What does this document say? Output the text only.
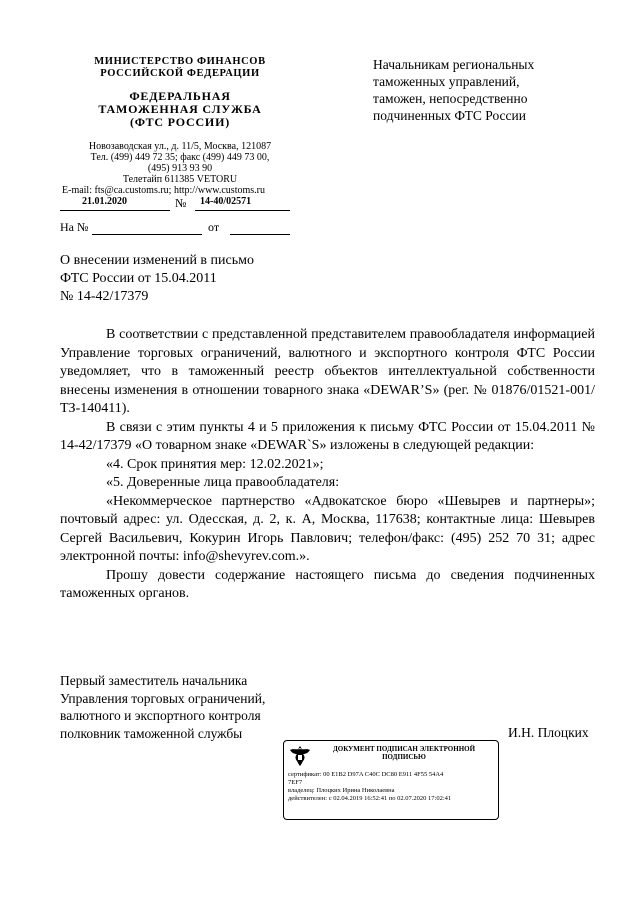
МИНИСТЕРСТВО ФИНАНСОВ
РОССИЙСКОЙ ФЕДЕРАЦИИ
ФЕДЕРАЛЬНАЯ
ТАМОЖЕННАЯ СЛУЖБА
(ФТС РОССИИ)
Новозаводская ул., д. 11/5, Москва, 121087
Тел. (499) 449 72 35; факс (499) 449 73 00,
(495) 913 93 90
Телетайп 611385 VETORU
E-mail: fts@ca.customs.ru; http://www.customs.ru
21.01.2020	№ 14-40/02571
На №	от
Начальникам региональных
таможенных управлений,
таможен, непосредственно
подчиненных ФТС России
О внесении изменений в письмо
ФТС России от 15.04.2011
№ 14-42/17379

В соответствии с представленной представителем правообладателя информацией Управление торговых ограничений, валютного и экспортного контроля ФТС России уведомляет, что в таможенный реестр объектов интеллектуальной собственности внесены изменения в отношении товарного знака «DEWAR’S» (рег. № 01876/01521-001/ТЗ-140411).

В связи с этим пункты 4 и 5 приложения к письму ФТС России от 15.04.2011 № 14-42/17379 «О товарном знаке «DEWAR`S» изложены в следующей редакции:

«4. Срок принятия мер: 12.02.2021»;

«5. Доверенные лица правообладателя:

«Некоммерческое партнерство «Адвокатское бюро «Шевырев и партнеры»; почтовый адрес: ул. Одесская, д. 2, к. А, Москва, 117638; контактные лица: Шевырев Сергей Васильевич, Кокурин Игорь Павлович; телефон/факс: (495) 252 70 31; адрес электронной почты: info@shevyrev.com.».

Прошу довести содержание настоящего письма до сведения подчиненных таможенных органов.

Первый заместитель начальника
Управления торговых ограничений,
валютного и экспортного контроля
полковник таможенной службы	И.Н. Плоцких
ДОКУМЕНТ ПОДПИСАН ЭЛЕКТРОННОЙ
ПОДПИСЬЮ
сертификат: 00 E1B2 D97A C40C DC80 E911 4F55 54A4
7EF7
владелец: Плоцких Ирина Николаевна
действителен: с 02.04.2019 16:52:41 по 02.07.2020 17:02:41
